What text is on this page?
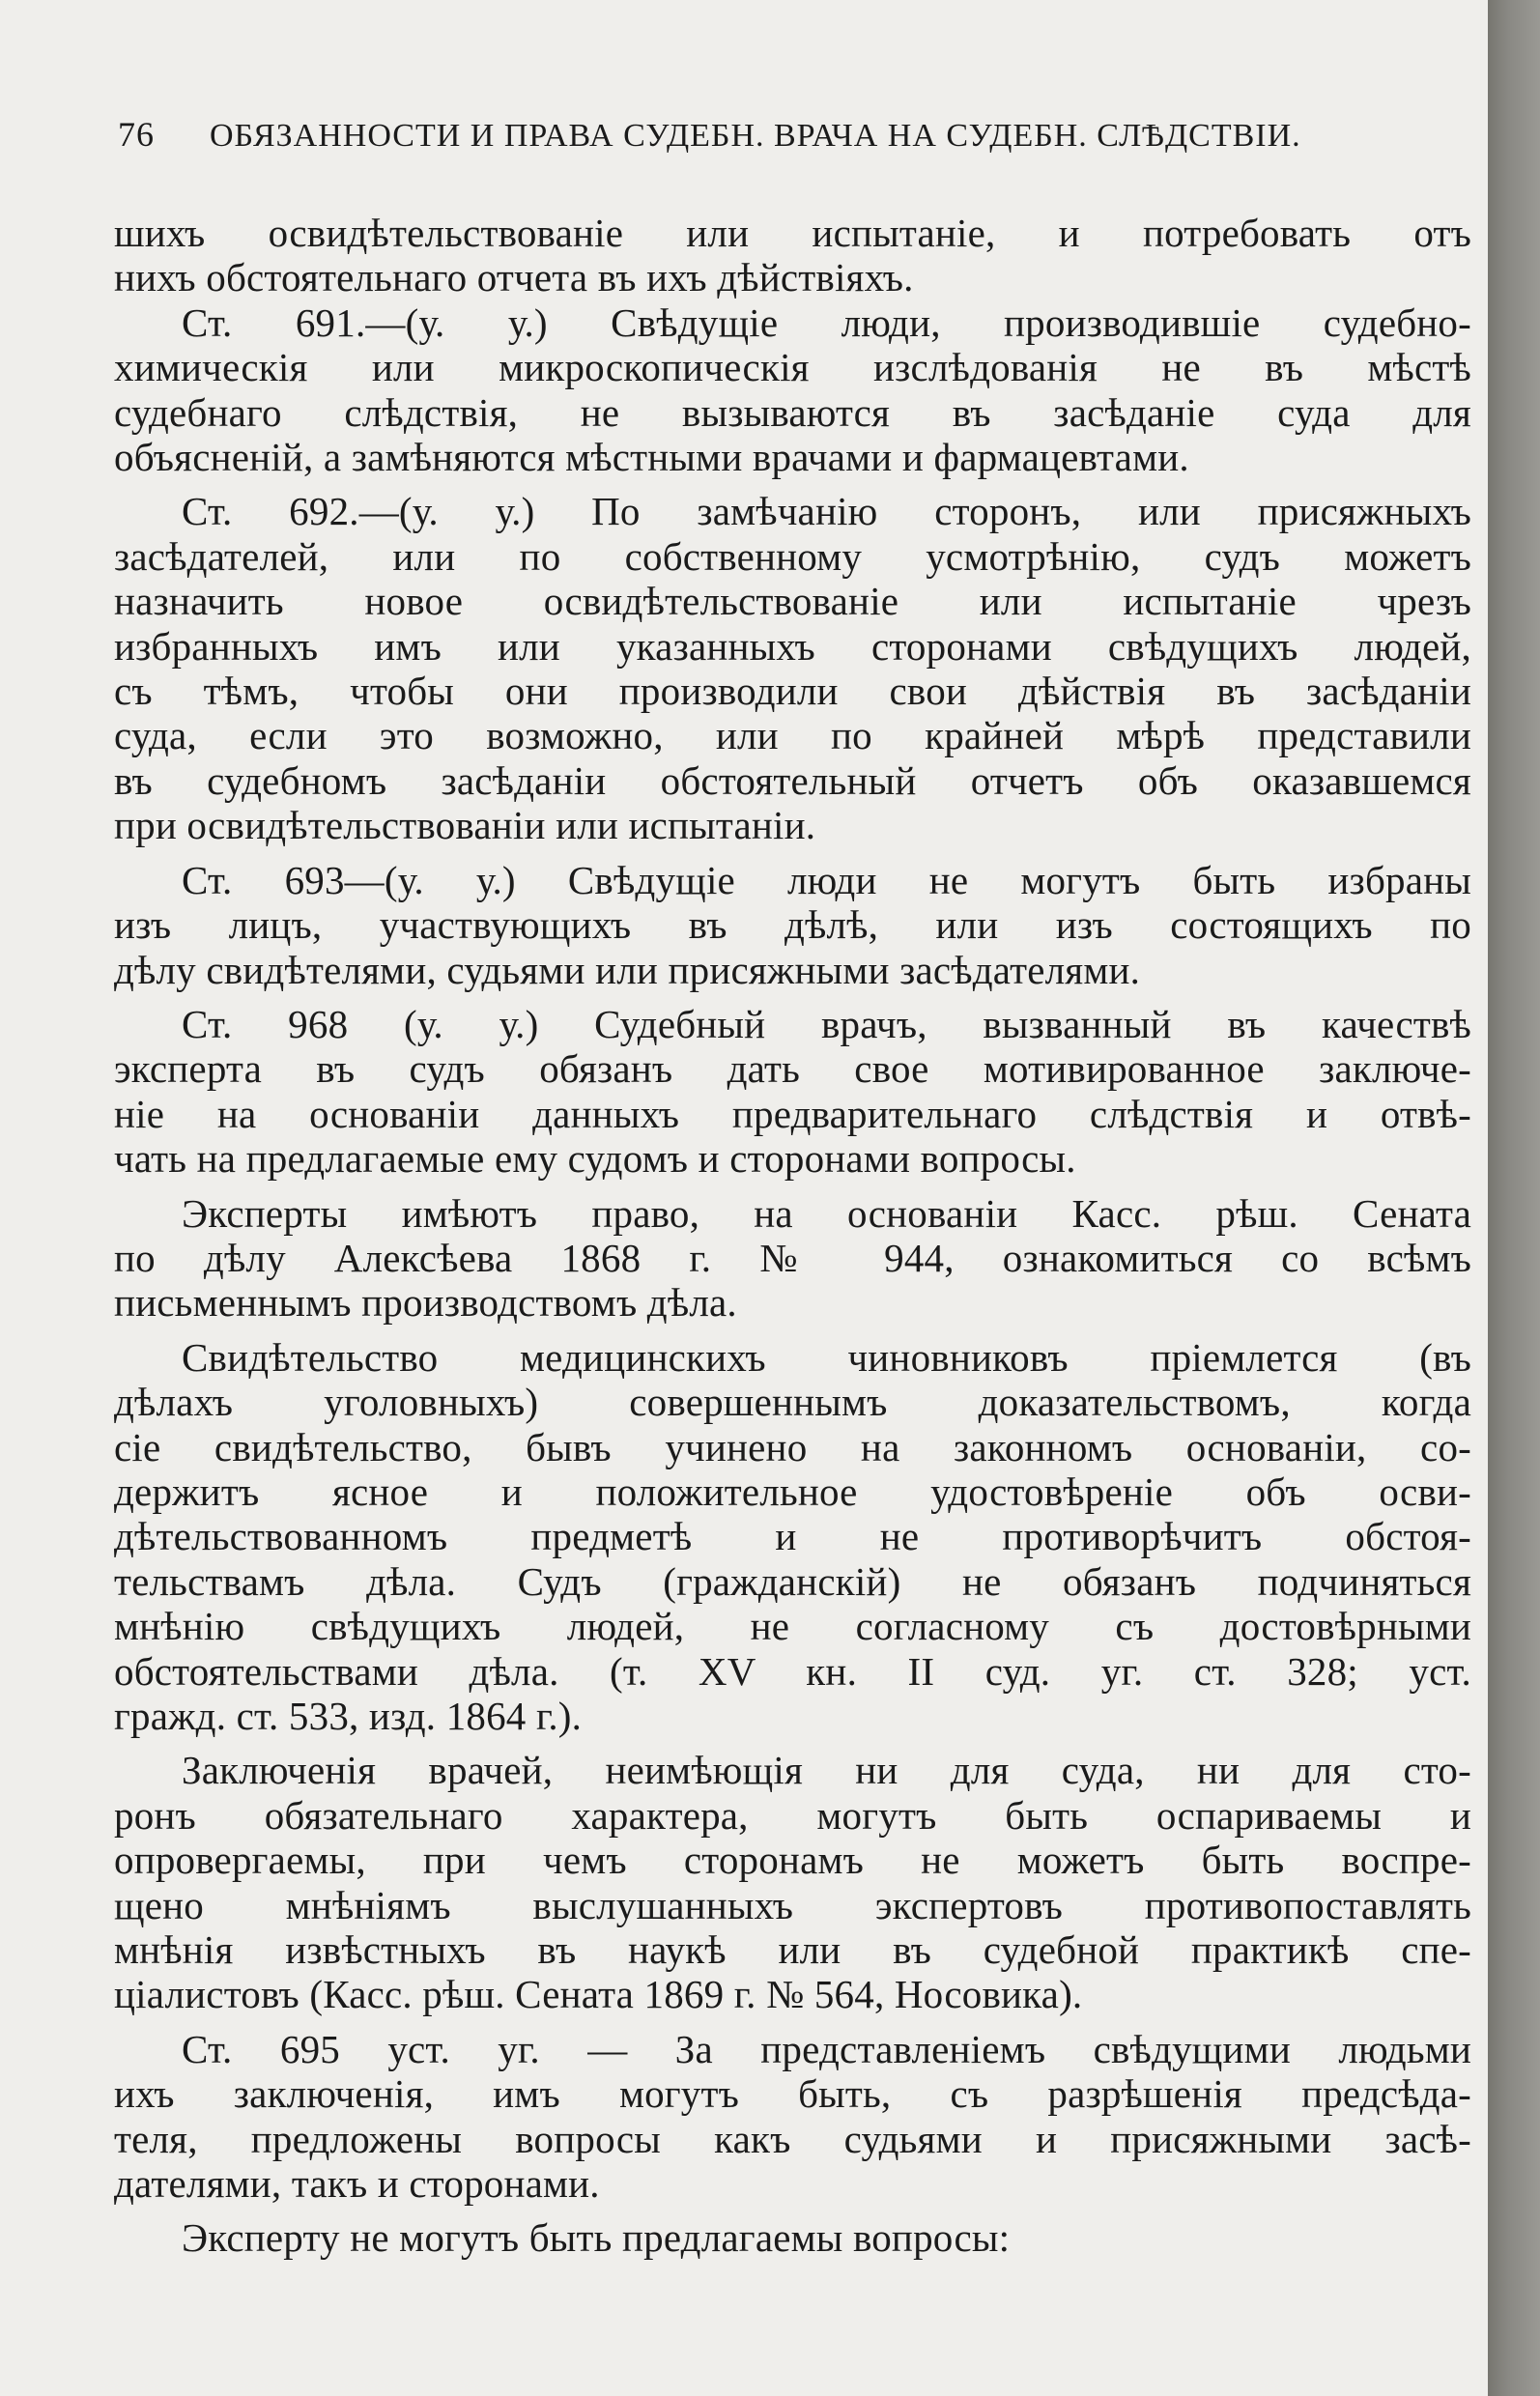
76 ОБЯЗАННОСТИ И ПРАВА СУДЕБН. ВРАЧА НА СУДЕБН. СЛѢДСТВІИ.
шихъ освидѣтельствованіе или испытаніе, и потребовать отъ
нихъ обстоятельнаго отчета въ ихъ дѣйствіяхъ.
Ст. 691.—(у. у.) Свѣдущіе люди, производившіе судебно-
химическія или микроскопическія изслѣдованія не въ мѣстѣ
судебнаго слѣдствія, не вызываются въ засѣданіе суда для
объясненій, а замѣняются мѣстными врачами и фармацевтами.
Ст. 692.—(у. у.) По замѣчанію сторонъ, или присяжныхъ
засѣдателей, или по собственному усмотрѣнію, судъ можетъ
назначить новое освидѣтельствованіе или испытаніе чрезъ
избранныхъ имъ или указанныхъ сторонами свѣдущихъ людей,
съ тѣмъ, чтобы они производили свои дѣйствія въ засѣданіи
суда, если это возможно, или по крайней мѣрѣ представили
въ судебномъ засѣданіи обстоятельный отчетъ объ оказавшемся
при освидѣтельствованіи или испытаніи.
Ст. 693—(у. у.) Свѣдущіе люди не могутъ быть избраны
изъ лицъ, участвующихъ въ дѣлѣ, или изъ состоящихъ по
дѣлу свидѣтелями, судьями или присяжными засѣдателями.
Ст. 968 (у. у.) Судебный врачъ, вызванный въ качествѣ
эксперта въ судъ обязанъ дать свое мотивированное заключе-
ніе на основаніи данныхъ предварительнаго слѣдствія и отвѣ-
чать на предлагаемые ему судомъ и сторонами вопросы.
Эксперты имѣютъ право, на основаніи Касс. рѣш. Сената
по дѣлу Алексѣева 1868 г. № 944, ознакомиться со всѣмъ
письменнымъ производствомъ дѣла.
Свидѣтельство медицинскихъ чиновниковъ пріемлется (въ
дѣлахъ уголовныхъ) совершеннымъ доказательствомъ, когда
сіе свидѣтельство, бывъ учинено на законномъ основаніи, со-
держитъ ясное и положительное удостовѣреніе объ осви-
дѣтельствованномъ предметѣ и не противорѣчитъ обстоя-
тельствамъ дѣла. Судъ (гражданскій) не обязанъ подчиняться
мнѣнію свѣдущихъ людей, не согласному съ достовѣрными
обстоятельствами дѣла. (т. XV кн. II суд. уг. ст. 328; уст.
гражд. ст. 533, изд. 1864 г.).
Заключенія врачей, неимѣющія ни для суда, ни для сто-
ронъ обязательнаго характера, могутъ быть оспариваемы и
опровергаемы, при чемъ сторонамъ не можетъ быть воспре-
щено мнѣніямъ выслушанныхъ экспертовъ противопоставлять
мнѣнія извѣстныхъ въ наукѣ или въ судебной практикѣ спе-
ціалистовъ (Касс. рѣш. Сената 1869 г. № 564, Носовика).
Ст. 695 уст. уг. — За представленіемъ свѣдущими людьми
ихъ заключенія, имъ могутъ быть, съ разрѣшенія предсѣда-
теля, предложены вопросы какъ судьями и присяжными засѣ-
дателями, такъ и сторонами.
Эксперту не могутъ быть предлагаемы вопросы:
